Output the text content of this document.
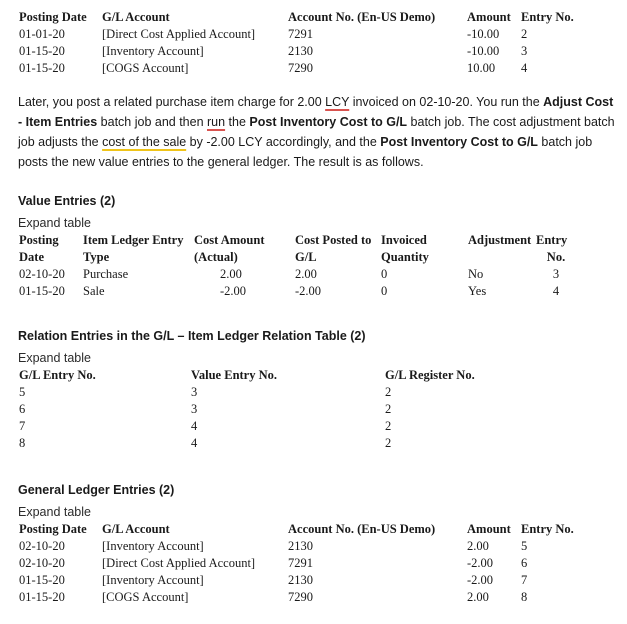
Posting Date	G/L Account	Account No. (En-US Demo)	Amount	Entry No.
01-01-20	[Direct Cost Applied Account]	7291	-10.00	2
01-15-20	[Inventory Account]	2130	-10.00	3
01-15-20	[COGS Account]	7290	10.00	4
Later, you post a related purchase item charge for 2.00 LCY invoiced on 02-10-20. You run the Adjust Cost - Item Entries batch job and then run the Post Inventory Cost to G/L batch job. The cost adjustment batch job adjusts the cost of the sale by -2.00 LCY accordingly, and the Post Inventory Cost to G/L batch job posts the new value entries to the general ledger. The result is as follows.
Value Entries (2)
Expand table
Posting	Item Ledger Entry	Cost Amount	Cost Posted to	Invoiced	Adjustment	Entry
Date	Type	(Actual)	G/L	Quantity		No.
02-10-20	Purchase	2.00	2.00	0	No	3
01-15-20	Sale	-2.00	-2.00	0	Yes	4
Relation Entries in the G/L – Item Ledger Relation Table (2)
Expand table
G/L Entry No.	Value Entry No.	G/L Register No.
5	3	2
6	3	2
7	4	2
8	4	2
General Ledger Entries (2)
Expand table
Posting Date	G/L Account	Account No. (En-US Demo)	Amount	Entry No.
02-10-20	[Inventory Account]	2130	2.00	5
02-10-20	[Direct Cost Applied Account]	7291	-2.00	6
01-15-20	[Inventory Account]	2130	-2.00	7
01-15-20	[COGS Account]	7290	2.00	8
